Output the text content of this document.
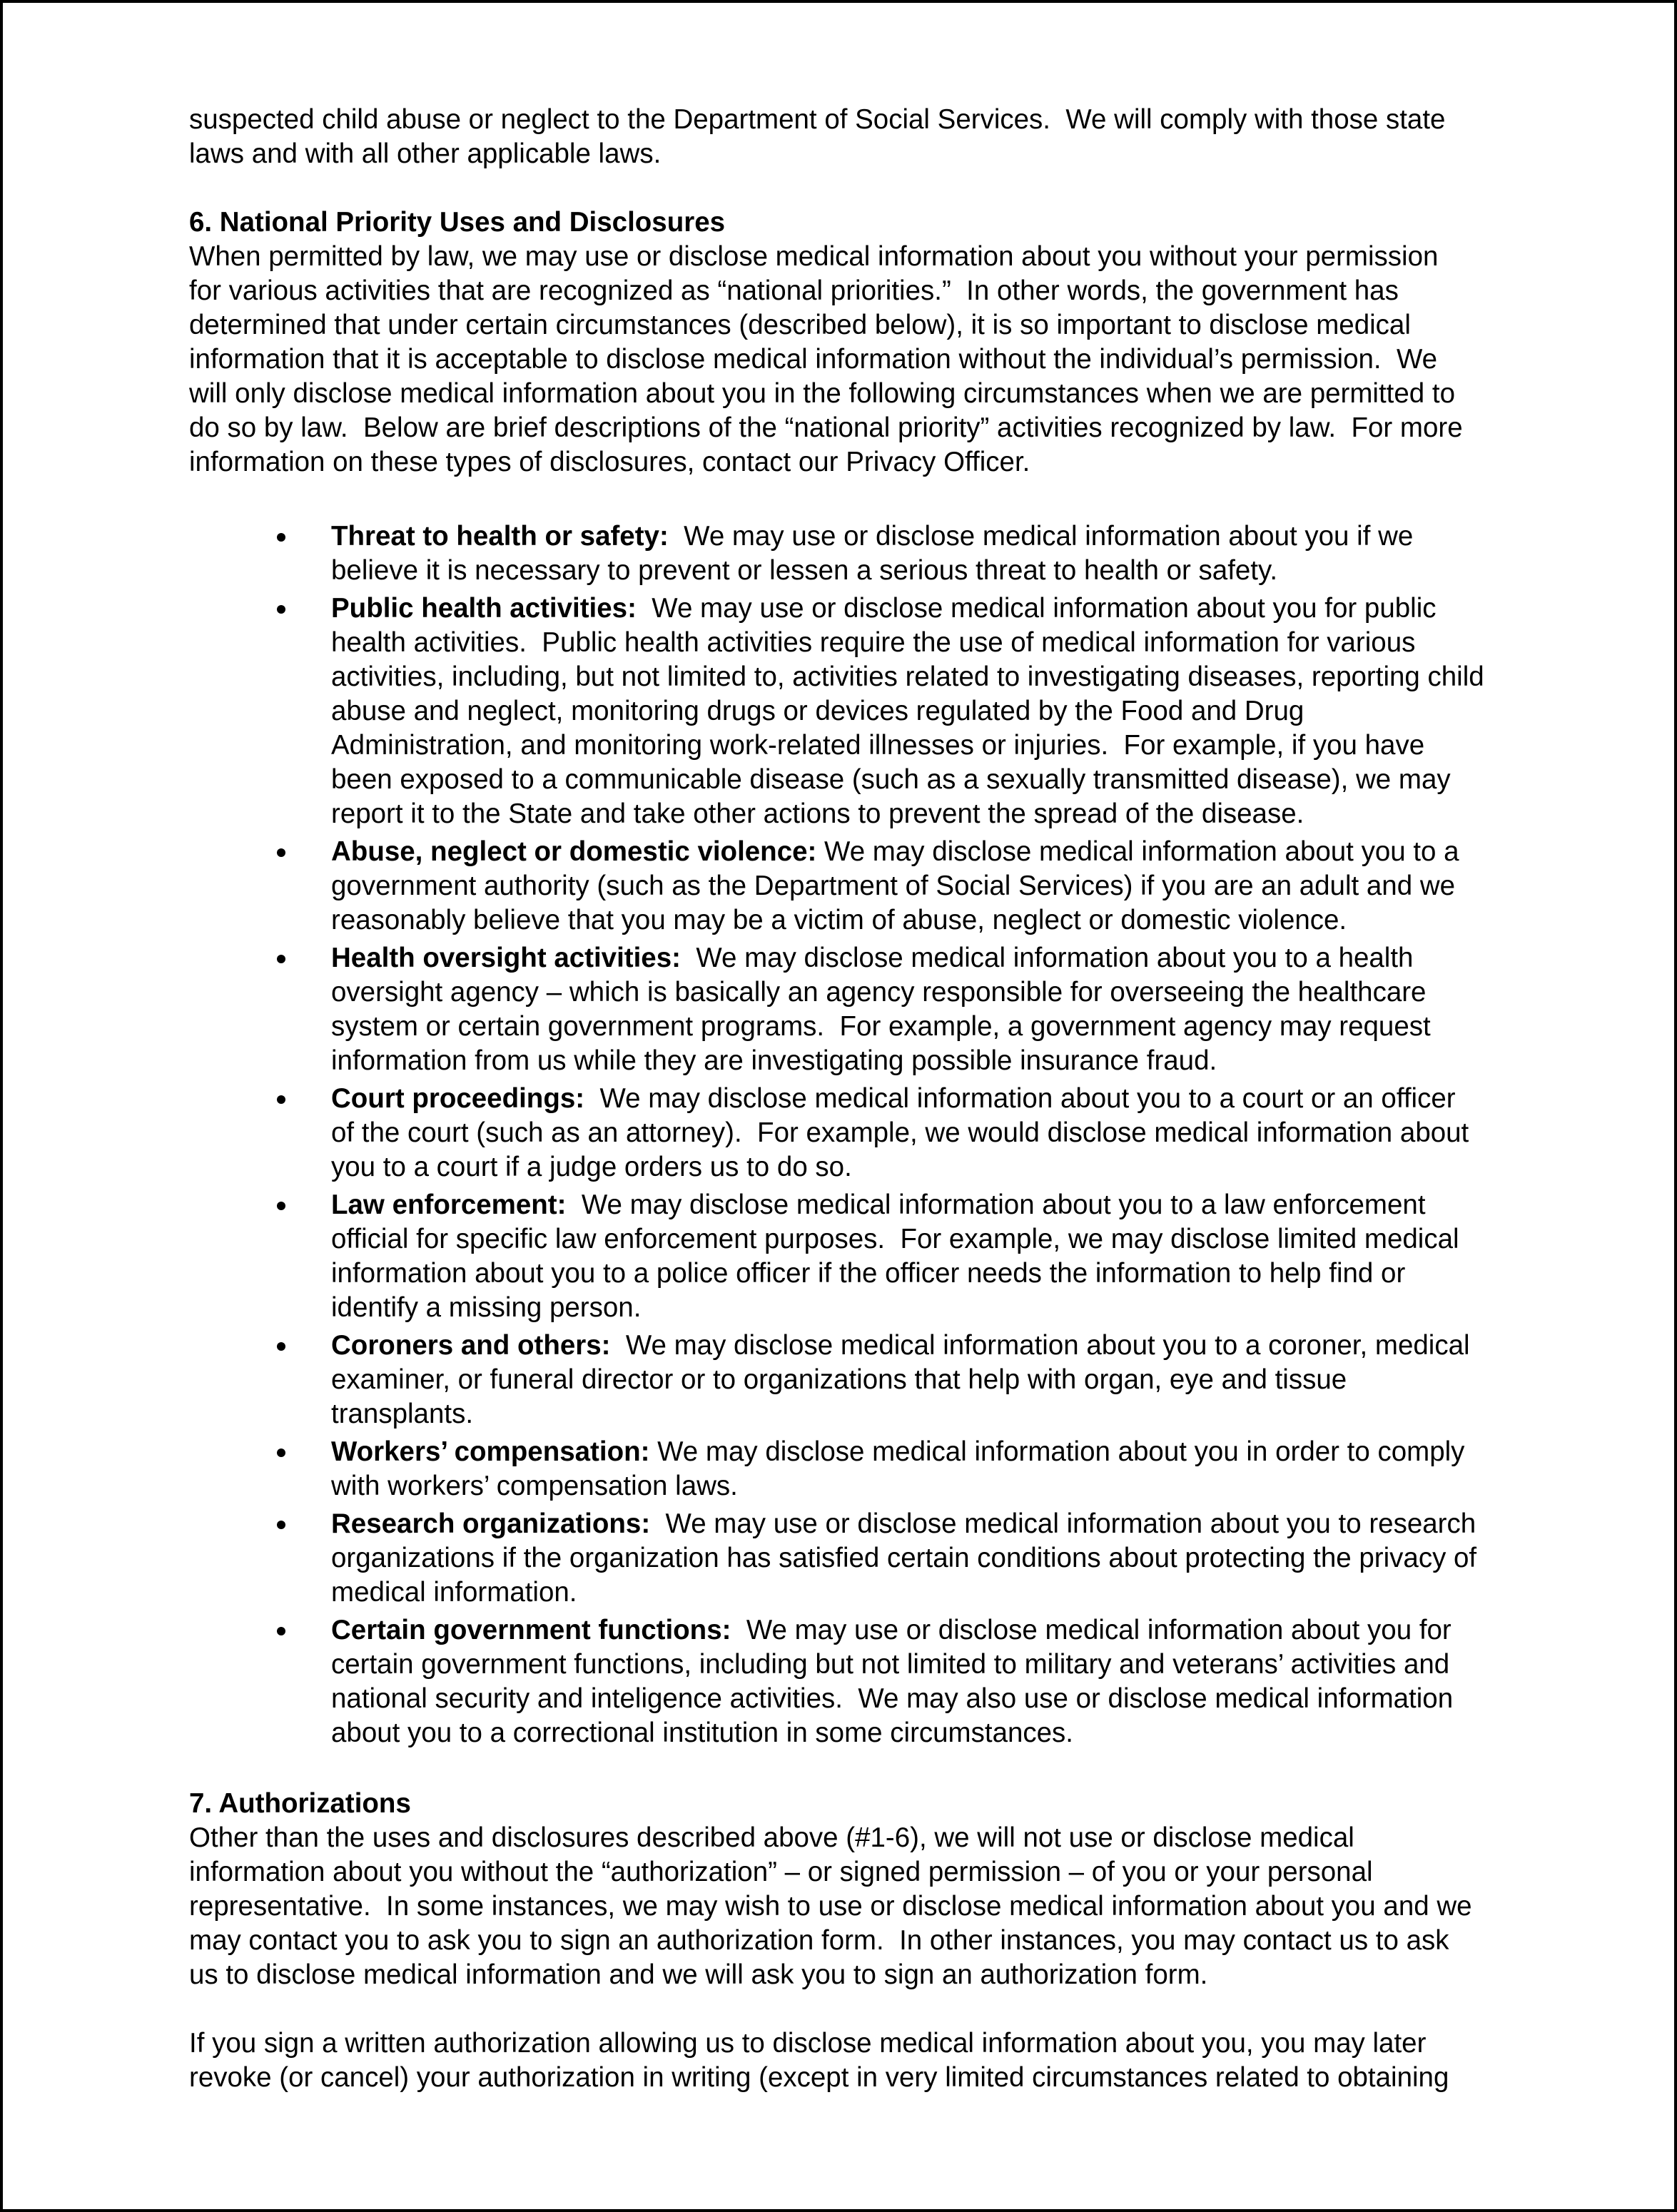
suspected child abuse or neglect to the Department of Social Services.  We will comply with those state
laws and with all other applicable laws.

6. National Priority Uses and Disclosures

When permitted by law, we may use or disclose medical information about you without your permission
for various activities that are recognized as “national priorities.”  In other words, the government has
determined that under certain circumstances (described below), it is so important to disclose medical
information that it is acceptable to disclose medical information without the individual’s permission.  We
will only disclose medical information about you in the following circumstances when we are permitted to
do so by law.  Below are brief descriptions of the “national priority” activities recognized by law.  For more
information on these types of disclosures, contact our Privacy Officer.

Threat to health or safety:  We may use or disclose medical information about you if we
believe it is necessary to prevent or lessen a serious threat to health or safety.
Public health activities:  We may use or disclose medical information about you for public
health activities.  Public health activities require the use of medical information for various
activities, including, but not limited to, activities related to investigating diseases, reporting child
abuse and neglect, monitoring drugs or devices regulated by the Food and Drug
Administration, and monitoring work-related illnesses or injuries.  For example, if you have
been exposed to a communicable disease (such as a sexually transmitted disease), we may
report it to the State and take other actions to prevent the spread of the disease.
Abuse, neglect or domestic violence: We may disclose medical information about you to a
government authority (such as the Department of Social Services) if you are an adult and we
reasonably believe that you may be a victim of abuse, neglect or domestic violence.
Health oversight activities:  We may disclose medical information about you to a health
oversight agency – which is basically an agency responsible for overseeing the healthcare
system or certain government programs.  For example, a government agency may request
information from us while they are investigating possible insurance fraud.
Court proceedings:  We may disclose medical information about you to a court or an officer
of the court (such as an attorney).  For example, we would disclose medical information about
you to a court if a judge orders us to do so.
Law enforcement:  We may disclose medical information about you to a law enforcement
official for specific law enforcement purposes.  For example, we may disclose limited medical
information about you to a police officer if the officer needs the information to help find or
identify a missing person.
Coroners and others:  We may disclose medical information about you to a coroner, medical
examiner, or funeral director or to organizations that help with organ, eye and tissue
transplants.
Workers’ compensation: We may disclose medical information about you in order to comply
with workers’ compensation laws.
Research organizations:  We may use or disclose medical information about you to research
organizations if the organization has satisfied certain conditions about protecting the privacy of
medical information.
Certain government functions:  We may use or disclose medical information about you for
certain government functions, including but not limited to military and veterans’ activities and
national security and inteligence activities.  We may also use or disclose medical information
about you to a correctional institution in some circumstances.
7. Authorizations

Other than the uses and disclosures described above (#1-6), we will not use or disclose medical
information about you without the “authorization” – or signed permission – of you or your personal
representative.  In some instances, we may wish to use or disclose medical information about you and we
may contact you to ask you to sign an authorization form.  In other instances, you may contact us to ask
us to disclose medical information and we will ask you to sign an authorization form.

If you sign a written authorization allowing us to disclose medical information about you, you may later
revoke (or cancel) your authorization in writing (except in very limited circumstances related to obtaining
